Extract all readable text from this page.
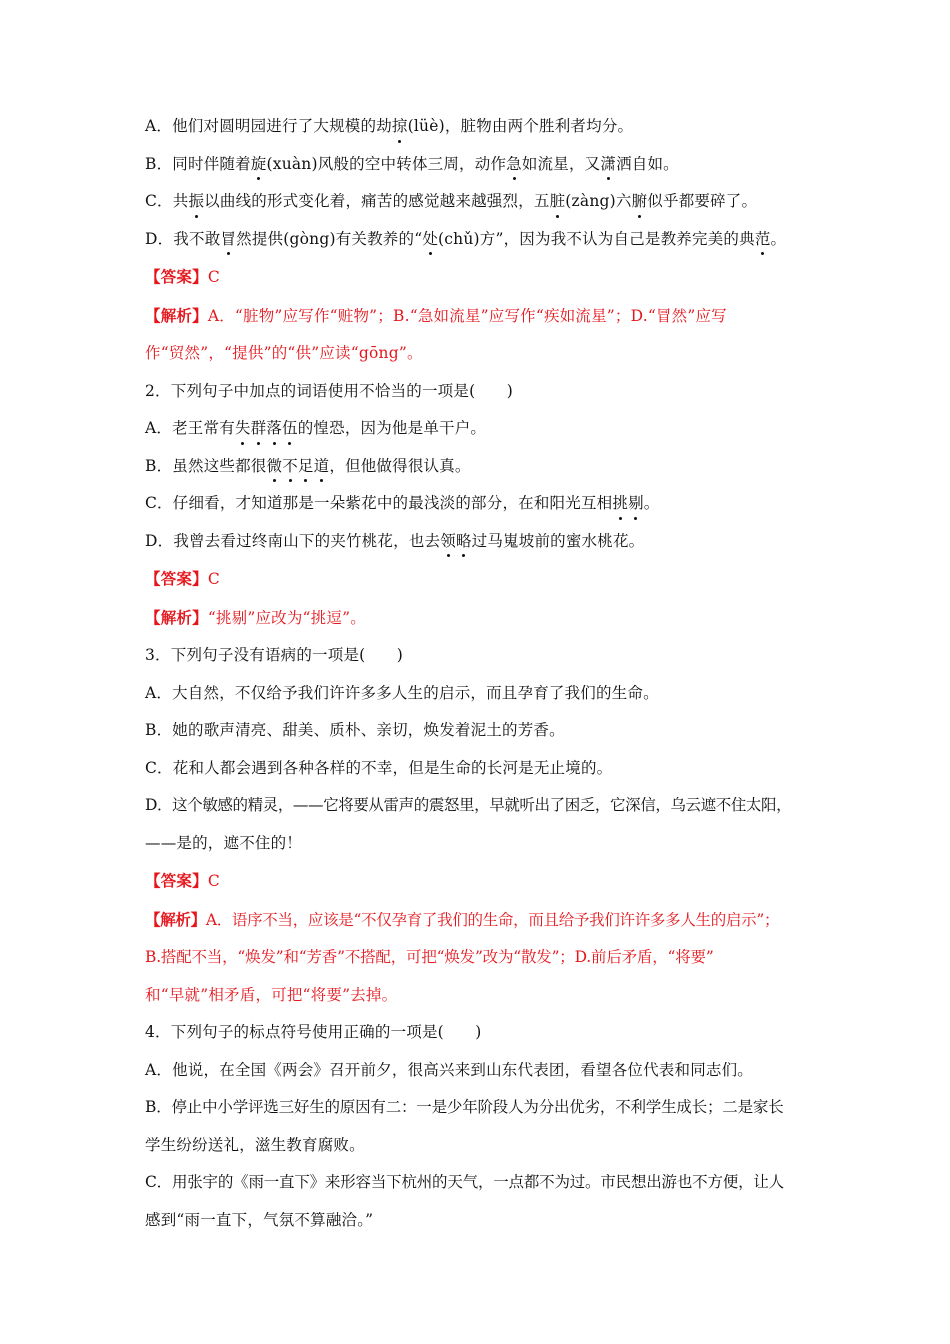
A．他们对圆明园进行了大规模的劫掠(lüè)，脏物由两个胜利者均分。
B．同时伴随着旋(xuàn)风般的空中转体三周，动作急如流星，又潇洒自如。
C．共振以曲线的形式变化着，痛苦的感觉越来越强烈，五脏(zàng)六腑似乎都要碎了。
D．我不敢冒然提供(gòng)有关教养的“处(chǔ)方”，因为我不认为自己是教养完美的典范。
【答案】C
【解析】A．“脏物”应写作“赃物”；B.“急如流星”应写作“疾如流星”；D.“冒然”应写
作“贸然”，“提供”的“供”应读“gōng”。
2．下列句子中加点的词语使用不恰当的一项是(　　)
A．老王常有失群落伍的惶恐，因为他是单干户。
B．虽然这些都很微不足道，但他做得很认真。
C．仔细看，才知道那是一朵紫花中的最浅淡的部分，在和阳光互相挑剔。
D．我曾去看过终南山下的夹竹桃花，也去领略过马嵬坡前的蜜水桃花。
【答案】C
【解析】“挑剔”应改为“挑逗”。
3．下列句子没有语病的一项是(　　)
A．大自然，不仅给予我们许许多多人生的启示，而且孕育了我们的生命。
B．她的歌声清亮、甜美、质朴、亲切，焕发着泥土的芳香。
C．花和人都会遇到各种各样的不幸，但是生命的长河是无止境的。
D．这个敏感的精灵，——它将要从雷声的震怒里，早就听出了困乏，它深信，乌云遮不住太阳，
——是的，遮不住的！
【答案】C
【解析】A．语序不当，应该是“不仅孕育了我们的生命，而且给予我们许许多多人生的启示”；
B.搭配不当，“焕发”和“芳香”不搭配，可把“焕发”改为“散发”；D.前后矛盾，“将要”
和“早就”相矛盾，可把“将要”去掉。
4．下列句子的标点符号使用正确的一项是(　　)
A．他说，在全国《两会》召开前夕，很高兴来到山东代表团，看望各位代表和同志们。
B．停止中小学评选三好生的原因有二：一是少年阶段人为分出优劣，不利学生成长；二是家长
学生纷纷送礼，滋生教育腐败。
C．用张宇的《雨一直下》来形容当下杭州的天气，一点都不为过。市民想出游也不方便，让人
感到“雨一直下，气氛不算融洽。”
